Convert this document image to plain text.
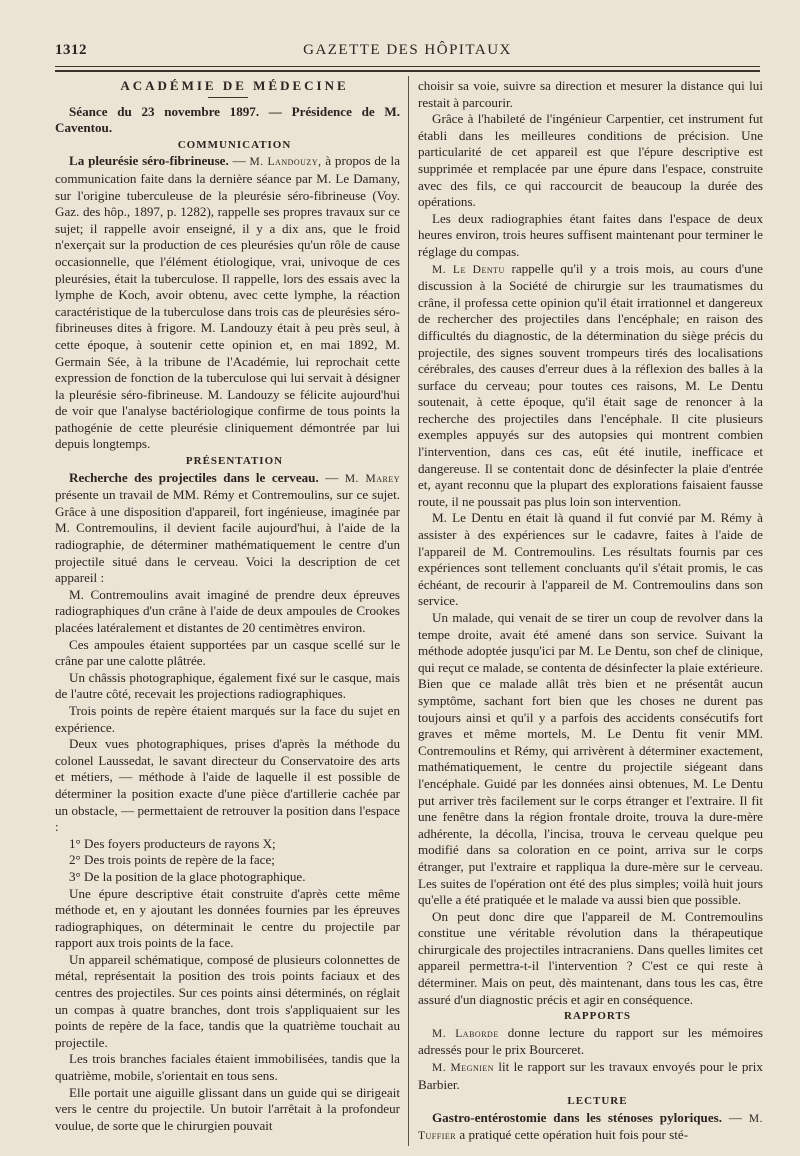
1312	GAZETTE DES HÔPITAUX

ACADÉMIE DE MÉDECINE

Séance du 23 novembre 1897. — Présidence de M. Caventou.

COMMUNICATION

La pleurésie séro-fibrineuse. — M. Landouzy, à propos de la communication faite dans la dernière séance par M. Le Damany, sur l'origine tuberculeuse de la pleurésie séro-fibrineuse (Voy. Gaz. des hôp., 1897, p. 1282), rappelle ses propres travaux sur ce sujet; il rappelle avoir enseigné, il y a dix ans, que le froid n'exerçait sur la production de ces pleurésies qu'un rôle de cause occasionnelle, que l'élément étiologique, vrai, univoque de ces pleurésies, était la tuberculose. Il rappelle, lors des essais avec la lymphe de Koch, avoir obtenu, avec cette lymphe, la réaction caractéristique de la tuberculose dans trois cas de pleurésies séro-fibrineuses dites à frigore. M. Landouzy était à peu près seul, à cette époque, à soutenir cette opinion et, en mai 1892, M. Germain Sée, à la tribune de l'Académie, lui reprochait cette expression de fonction de la tuberculose qui lui servait à désigner la pleurésie séro-fibrineuse. M. Landouzy se félicite aujourd'hui de voir que l'analyse bactériologique confirme de tous points la pathogénie de cette pleurésie cliniquement démontrée par lui depuis longtemps.

PRÉSENTATION

Recherche des projectiles dans le cerveau. — M. Marey présente un travail de MM. Rémy et Contremoulins, sur ce sujet. Grâce à une disposition d'appareil, fort ingénieuse, imaginée par M. Contremoulins, il devient facile aujourd'hui, à l'aide de la radiographie, de déterminer mathématiquement le centre d'un projectile situé dans le cerveau. Voici la description de cet appareil :

M. Contremoulins avait imaginé de prendre deux épreuves radiographiques d'un crâne à l'aide de deux ampoules de Crookes placées latéralement et distantes de 20 centimètres environ.

Ces ampoules étaient supportées par un casque scellé sur le crâne par une calotte plâtrée.

Un châssis photographique, également fixé sur le casque, mais de l'autre côté, recevait les projections radiographiques.

Trois points de repère étaient marqués sur la face du sujet en expérience.

Deux vues photographiques, prises d'après la méthode du colonel Laussedat, le savant directeur du Conservatoire des arts et métiers, — méthode à l'aide de laquelle il est possible de déterminer la position exacte d'une pièce d'artillerie cachée par un obstacle, — permettaient de retrouver la position dans l'espace :

1° Des foyers producteurs de rayons X;

2° Des trois points de repère de la face;

3° De la position de la glace photographique.

Une épure descriptive était construite d'après cette même méthode et, en y ajoutant les données fournies par les épreuves radiographiques, on déterminait le centre du projectile par rapport aux trois points de la face.

Un appareil schématique, composé de plusieurs colonnettes de métal, représentait la position des trois points faciaux et des centres des projectiles. Sur ces points ainsi déterminés, on réglait un compas à quatre branches, dont trois s'appliquaient sur les points de repère de la face, tandis que la quatrième touchait au projectile.

Les trois branches faciales étaient immobilisées, tandis que la quatrième, mobile, s'orientait en tous sens.

Elle portait une aiguille glissant dans un guide qui se dirigeait vers le centre du projectile. Un butoir l'arrêtait à la profondeur voulue, de sorte que le chirurgien pouvait

choisir sa voie, suivre sa direction et mesurer la distance qui lui restait à parcourir.

Grâce à l'habileté de l'ingénieur Carpentier, cet instrument fut établi dans les meilleures conditions de précision. Une particularité de cet appareil est que l'épure descriptive est supprimée et remplacée par une épure dans l'espace, construite avec des fils, ce qui raccourcit de beaucoup la durée des opérations.

Les deux radiographies étant faites dans l'espace de deux heures environ, trois heures suffisent maintenant pour terminer le réglage du compas.

M. Le Dentu rappelle qu'il y a trois mois, au cours d'une discussion à la Société de chirurgie sur les traumatismes du crâne, il professa cette opinion qu'il était irrationnel et dangereux de rechercher des projectiles dans l'encéphale; en raison des difficultés du diagnostic, de la détermination du siège précis du projectile, des signes souvent trompeurs tirés des localisations cérébrales, des causes d'erreur dues à la réflexion des balles à la surface du cerveau; pour toutes ces raisons, M. Le Dentu soutenait, à cette époque, qu'il était sage de renoncer à la recherche des projectiles dans l'encéphale. Il cite plusieurs exemples appuyés sur des autopsies qui montrent combien l'intervention, dans ces cas, eût été inutile, inefficace et dangereuse. Il se contentait donc de désinfecter la plaie d'entrée et, ayant reconnu que la plupart des explorations faisaient fausse route, il ne poussait pas plus loin son intervention.

M. Le Dentu en était là quand il fut convié par M. Rémy à assister à des expériences sur le cadavre, faites à l'aide de l'appareil de M. Contremoulins. Les résultats fournis par ces expériences sont tellement concluants qu'il s'était promis, le cas échéant, de recourir à l'appareil de M. Contremoulins dans son service.

Un malade, qui venait de se tirer un coup de revolver dans la tempe droite, avait été amené dans son service. Suivant la méthode adoptée jusqu'ici par M. Le Dentu, son chef de clinique, qui reçut ce malade, se contenta de désinfecter la plaie extérieure. Bien que ce malade allât très bien et ne présentât aucun symptôme, sachant fort bien que les choses ne durent pas toujours ainsi et qu'il y a parfois des accidents consécutifs fort graves et même mortels, M. Le Dentu fit venir MM. Contremoulins et Rémy, qui arrivèrent à déterminer exactement, mathématiquement, le centre du projectile siégeant dans l'encéphale. Guidé par les données ainsi obtenues, M. Le Dentu put arriver très facilement sur le corps étranger et l'extraire. Il fit une fenêtre dans la région frontale droite, trouva la dure-mère adhérente, la décolla, l'incisa, trouva le cerveau quelque peu modifié dans sa coloration en ce point, arriva sur le corps étranger, put l'extraire et rappliqua la dure-mère sur le cerveau. Les suites de l'opération ont été des plus simples; voilà huit jours qu'elle a été pratiquée et le malade va aussi bien que possible.

On peut donc dire que l'appareil de M. Contremoulins constitue une véritable révolution dans la thérapeutique chirurgicale des projectiles intracraniens. Dans quelles limites cet appareil permettra-t-il l'intervention ? C'est ce qui reste à déterminer. Mais on peut, dès maintenant, dans tous les cas, être assuré d'un diagnostic précis et agir en conséquence.

RAPPORTS

M. Laborde donne lecture du rapport sur les mémoires adressés pour le prix Bourceret.

M. Megnien lit le rapport sur les travaux envoyés pour le prix Barbier.

LECTURE

Gastro-entérostomie dans les sténoses pyloriques. — M. Tuffier a pratiqué cette opération huit fois pour sté-
